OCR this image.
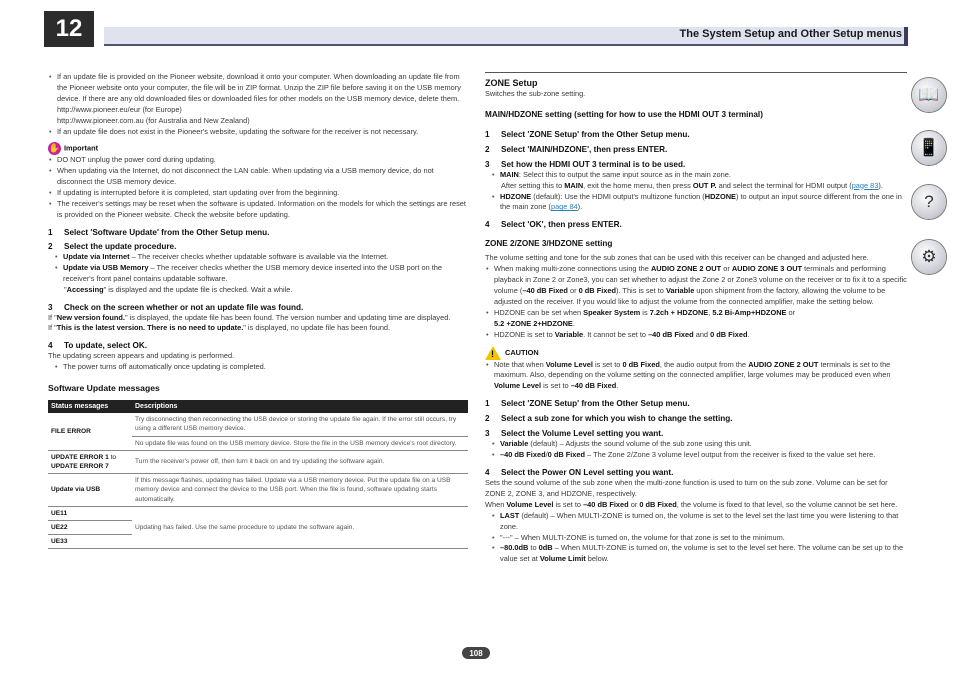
12	The System Setup and Other Setup menus

• If an update file is provided on the Pioneer website, download it onto your computer. When downloading an update file from the Pioneer website onto your computer, the file will be in ZIP format. Unzip the ZIP file before saving it on the USB memory device. If there are any old downloaded files or downloaded files for other models on the USB memory device, delete them.

http://www.pioneer.eu/eur (for Europe)

http://www.pioneer.com.au (for Australia and New Zealand)

• If an update file does not exist in the Pioneer's website, updating the software for the receiver is not necessary.

✋ Important

• DO NOT unplug the power cord during updating.

• When updating via the Internet, do not disconnect the LAN cable. When updating via a USB memory device, do not disconnect the USB memory device.

• If updating is interrupted before it is completed, start updating over from the beginning.

• The receiver's settings may be reset when the software is updated. Information on the models for which the settings are reset is provided on the Pioneer website. Check the website before updating.

1 Select 'Software Update' from the Other Setup menu.

2 Select the update procedure.

• Update via Internet – The receiver checks whether updatable software is available via the Internet.

• Update via USB Memory – The receiver checks whether the USB memory device inserted into the USB port on the receiver's front panel contains updatable software.

"Accessing" is displayed and the update file is checked. Wait a while.

3 Check on the screen whether or not an update file was found.

If "New version found." is displayed, the update file has been found. The version number and updating time are displayed.

If "This is the latest version. There is no need to update." is displayed, no update file has been found.

4 To update, select OK.

The updating screen appears and updating is performed.

• The power turns off automatically once updating is completed.

Software Update messages

Status messages	Descriptions
FILE ERROR	Try disconnecting then reconnecting the USB device or storing the update file again. If the error still occurs, try using a different USB memory device.
	No update file was found on the USB memory device. Store the file in the USB memory device's root directory.
UPDATE ERROR 1 to
UPDATE ERROR 7	Turn the receiver's power off, then turn it back on and try updating the software again.
Update via USB	If this message flashes, updating has failed. Update via a USB memory device. Put the update file on a USB memory device and connect the device to the USB port. When the file is found, software updating starts automatically.
UE11	Updating has failed. Use the same procedure to update the software again.
UE22	
UE33	

ZONE Setup

Switches the sub-zone setting.

MAIN/HDZONE setting (setting for how to use the HDMI OUT 3 terminal)

1 Select 'ZONE Setup' from the Other Setup menu.

2 Select 'MAIN/HDZONE', then press ENTER.

3 Set how the HDMI OUT 3 terminal is to be used.

• MAIN: Select this to output the same input source as in the main zone.

After setting this to MAIN, exit the home menu, then press OUT P. and select the terminal for HDMI output (page 83).

• HDZONE (default): Use the HDMI output's multizone function (HDZONE) to output an input source different from the one in the main zone (page 84).

4 Select 'OK', then press ENTER.

ZONE 2/ZONE 3/HDZONE setting

The volume setting and tone for the sub zones that can be used with this receiver can be changed and adjusted here.

• When making multi-zone connections using the AUDIO ZONE 2 OUT or AUDIO ZONE 3 OUT terminals and performing playback in Zone 2 or Zone3, you can set whether to adjust the Zone 2 or Zone3 volume on the receiver or to fix it to a specific volume (–40 dB Fixed or 0 dB Fixed). This is set to Variable upon shipment from the factory, allowing the volume to be adjusted on the receiver. If you would like to adjust the volume from the connected amplifier, make the setting below.

• HDZONE can be set when Speaker System is 7.2ch + HDZONE, 5.2 Bi-Amp+HDZONE or
5.2 +ZONE 2+HDZONE.

• HDZONE is set to Variable. It cannot be set to –40 dB Fixed and 0 dB Fixed.

!CAUTION

• Note that when Volume Level is set to 0 dB Fixed, the audio output from the AUDIO ZONE 2 OUT terminals is set to the maximum. Also, depending on the volume setting on the connected amplifier, large volumes may be produced even when Volume Level is set to –40 dB Fixed.

1 Select 'ZONE Setup' from the Other Setup menu.

2 Select a sub zone for which you wish to change the setting.

3 Select the Volume Level setting you want.

• Variable (default) – Adjusts the sound volume of the sub zone using this unit.

• –40 dB Fixed/0 dB Fixed – The Zone 2/Zone 3 volume level output from the receiver is fixed to the value set here.

4 Select the Power ON Level setting you want.

Sets the sound volume of the sub zone when the multi-zone function is used to turn on the sub zone. Volume can be set for ZONE 2, ZONE 3, and HDZONE, respectively.

When Volume Level is set to –40 dB Fixed or 0 dB Fixed, the volume is fixed to that level, so the volume cannot be set here.

• LAST (default) – When MULTI-ZONE is turned on, the volume is set to the level set the last time you were listening to that zone.

• "---" – When MULTI-ZONE is turned on, the volume for that zone is set to the minimum.

• –80.0dB to 0dB – When MULTI-ZONE is turned on, the volume is set to the level set here. The volume can be set up to the value set at Volume Limit below.

📖
📱
?
⚙
108
